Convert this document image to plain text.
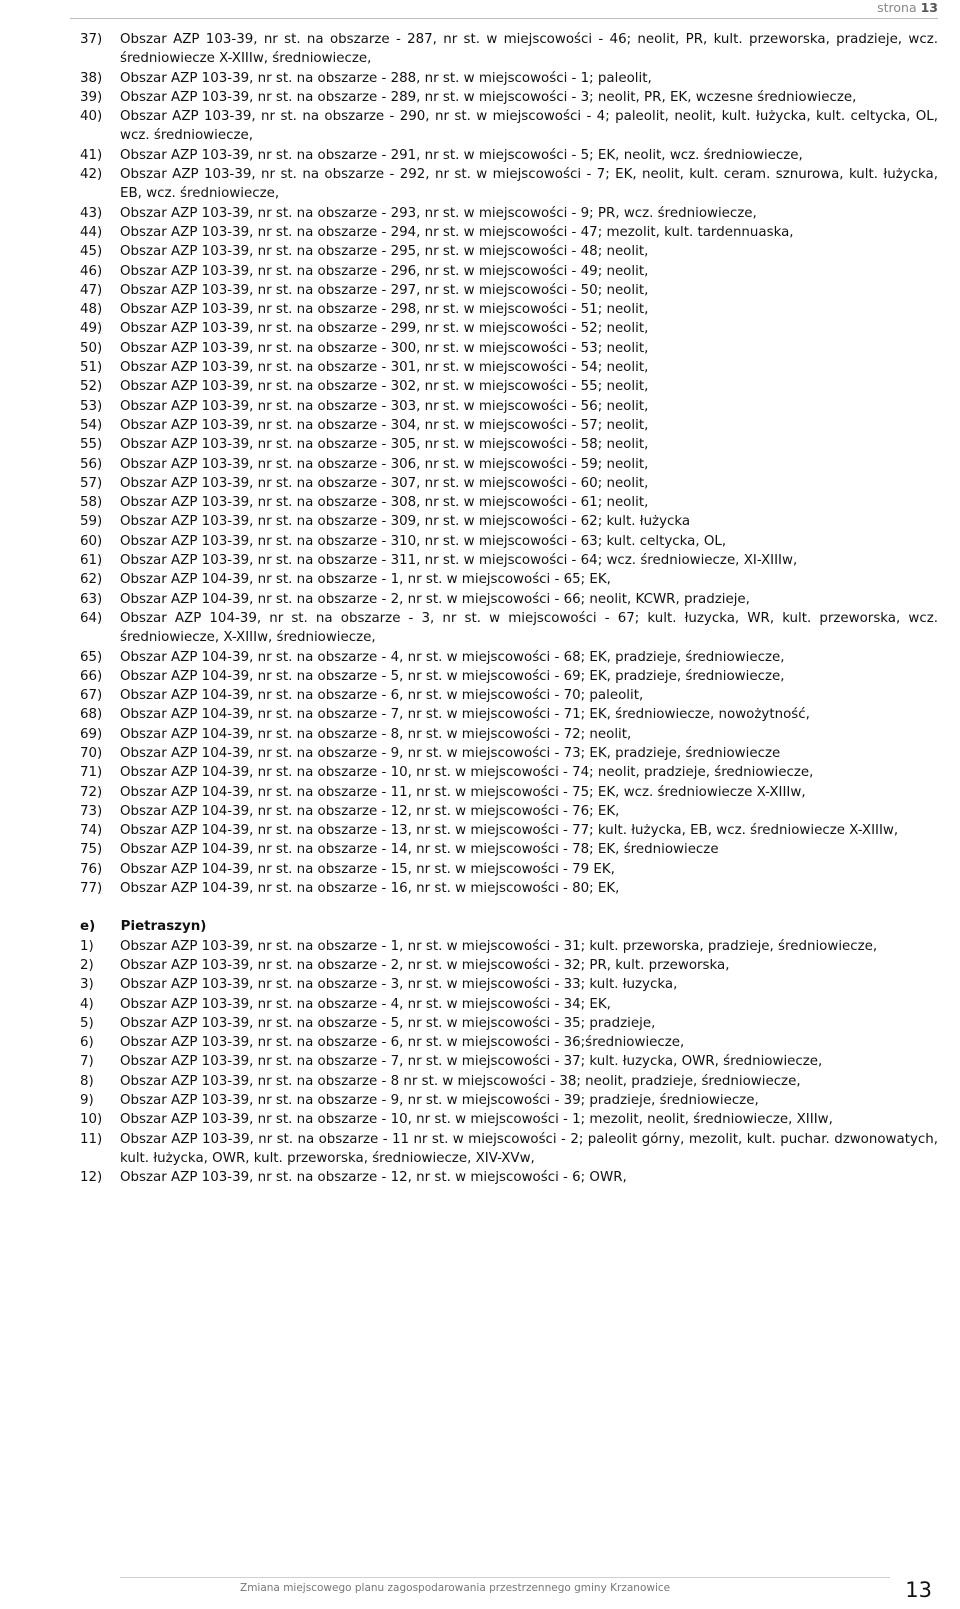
strona 13
37)	Obszar AZP 103-39, nr st. na obszarze - 287, nr st. w miejscowości - 46; neolit, PR, kult. przeworska, pradzieje, wcz. średniowiecze X-XIIIw, średniowiecze,
38)	Obszar AZP 103-39, nr st. na obszarze - 288, nr st. w miejscowości - 1; paleolit,
39)	Obszar AZP 103-39, nr st. na obszarze - 289, nr st. w miejscowości - 3; neolit, PR, EK, wczesne średniowiecze,
40)	Obszar AZP 103-39, nr st. na obszarze - 290, nr st. w miejscowości - 4; paleolit, neolit, kult. łużycka, kult. celtycka, OL, wcz. średniowiecze,
41)	Obszar AZP 103-39, nr st. na obszarze - 291, nr st. w miejscowości - 5; EK, neolit, wcz. średniowiecze,
42)	Obszar AZP 103-39, nr st. na obszarze - 292, nr st. w miejscowości - 7; EK, neolit, kult. ceram. sznurowa, kult. łużycka, EB, wcz. średniowiecze,
43)	Obszar AZP 103-39, nr st. na obszarze - 293, nr st. w miejscowości - 9; PR, wcz. średniowiecze,
44)	Obszar AZP 103-39, nr st. na obszarze - 294, nr st. w miejscowości - 47; mezolit, kult. tardennuaska,
45)	Obszar AZP 103-39, nr st. na obszarze - 295, nr st. w miejscowości - 48; neolit,
46)	Obszar AZP 103-39, nr st. na obszarze - 296, nr st. w miejscowości - 49; neolit,
47)	Obszar AZP 103-39, nr st. na obszarze - 297, nr st. w miejscowości - 50; neolit,
48)	Obszar AZP 103-39, nr st. na obszarze - 298, nr st. w miejscowości - 51; neolit,
49)	Obszar AZP 103-39, nr st. na obszarze - 299, nr st. w miejscowości - 52; neolit,
50)	Obszar AZP 103-39, nr st. na obszarze - 300, nr st. w miejscowości - 53; neolit,
51)	Obszar AZP 103-39, nr st. na obszarze - 301, nr st. w miejscowości - 54; neolit,
52)	Obszar AZP 103-39, nr st. na obszarze - 302, nr st. w miejscowości - 55; neolit,
53)	Obszar AZP 103-39, nr st. na obszarze - 303, nr st. w miejscowości - 56; neolit,
54)	Obszar AZP 103-39, nr st. na obszarze - 304, nr st. w miejscowości - 57; neolit,
55)	Obszar AZP 103-39, nr st. na obszarze - 305, nr st. w miejscowości - 58; neolit,
56)	Obszar AZP 103-39, nr st. na obszarze - 306, nr st. w miejscowości - 59; neolit,
57)	Obszar AZP 103-39, nr st. na obszarze - 307, nr st. w miejscowości - 60; neolit,
58)	Obszar AZP 103-39, nr st. na obszarze - 308, nr st. w miejscowości - 61; neolit,
59)	Obszar AZP 103-39, nr st. na obszarze - 309, nr st. w miejscowości - 62; kult. łużycka
60)	Obszar AZP 103-39, nr st. na obszarze - 310, nr st. w miejscowości - 63; kult. celtycka, OL,
61)	Obszar AZP 103-39, nr st. na obszarze - 311, nr st. w miejscowości - 64; wcz. średniowiecze, XI-XIIIw,
62)	Obszar AZP 104-39, nr st. na obszarze - 1, nr st. w miejscowości - 65; EK,
63)	Obszar AZP 104-39, nr st. na obszarze - 2, nr st. w miejscowości - 66; neolit, KCWR, pradzieje,
64)	Obszar AZP 104-39, nr st. na obszarze - 3, nr st. w miejscowości - 67; kult. łuzycka, WR, kult. przeworska, wcz. średniowiecze, X-XIIIw, średniowiecze,
65)	Obszar AZP 104-39, nr st. na obszarze - 4, nr st. w miejscowości - 68; EK, pradzieje, średniowiecze,
66)	Obszar AZP 104-39, nr st. na obszarze - 5, nr st. w miejscowości - 69; EK, pradzieje, średniowiecze,
67)	Obszar AZP 104-39, nr st. na obszarze - 6, nr st. w miejscowości - 70; paleolit,
68)	Obszar AZP 104-39, nr st. na obszarze - 7, nr st. w miejscowości - 71; EK, średniowiecze, nowożytność,
69)	Obszar AZP 104-39, nr st. na obszarze - 8, nr st. w miejscowości - 72; neolit,
70)	Obszar AZP 104-39, nr st. na obszarze - 9, nr st. w miejscowości - 73; EK, pradzieje, średniowiecze
71)	Obszar AZP 104-39, nr st. na obszarze - 10, nr st. w miejscowości - 74; neolit, pradzieje, średniowiecze,
72)	Obszar AZP 104-39, nr st. na obszarze - 11, nr st. w miejscowości - 75; EK, wcz. średniowiecze X-XIIIw,
73)	Obszar AZP 104-39, nr st. na obszarze - 12, nr st. w miejscowości - 76; EK,
74)	Obszar AZP 104-39, nr st. na obszarze - 13, nr st. w miejscowości - 77; kult. łużycka, EB, wcz. średniowiecze X-XIIIw,
75)	Obszar AZP 104-39, nr st. na obszarze - 14, nr st. w miejscowości - 78; EK, średniowiecze
76)	Obszar AZP 104-39, nr st. na obszarze - 15, nr st. w miejscowości - 79 EK,
77)	Obszar AZP 104-39, nr st. na obszarze - 16, nr st. w miejscowości - 80; EK,
e) Pietraszyn)
1)	Obszar AZP 103-39, nr st. na obszarze - 1, nr st. w miejscowości - 31; kult. przeworska, pradzieje, średniowiecze,
2)	Obszar AZP 103-39, nr st. na obszarze - 2, nr st. w miejscowości - 32; PR, kult. przeworska,
3)	Obszar AZP 103-39, nr st. na obszarze - 3, nr st. w miejscowości - 33; kult. łuzycka,
4)	Obszar AZP 103-39, nr st. na obszarze - 4, nr st. w miejscowości - 34; EK,
5)	Obszar AZP 103-39, nr st. na obszarze - 5, nr st. w miejscowości - 35; pradzieje,
6)	Obszar AZP 103-39, nr st. na obszarze - 6, nr st. w miejscowości - 36;średniowiecze,
7)	Obszar AZP 103-39, nr st. na obszarze - 7, nr st. w miejscowości - 37; kult. łuzycka, OWR, średniowiecze,
8)	Obszar AZP 103-39, nr st. na obszarze - 8 nr st. w miejscowości - 38; neolit, pradzieje, średniowiecze,
9)	Obszar AZP 103-39, nr st. na obszarze - 9, nr st. w miejscowości - 39; pradzieje, średniowiecze,
10)	Obszar AZP 103-39, nr st. na obszarze - 10, nr st. w miejscowości - 1; mezolit, neolit, średniowiecze, XIIIw,
11)	Obszar AZP 103-39, nr st. na obszarze - 11 nr st. w miejscowości - 2; paleolit górny, mezolit, kult. puchar. dzwonowatych, kult. łużycka, OWR, kult. przeworska, średniowiecze, XIV-XVw,
12)	Obszar AZP 103-39, nr st. na obszarze - 12, nr st. w miejscowości - 6; OWR,
Zmiana miejscowego planu zagospodarowania przestrzennego gminy Krzanowice	13
